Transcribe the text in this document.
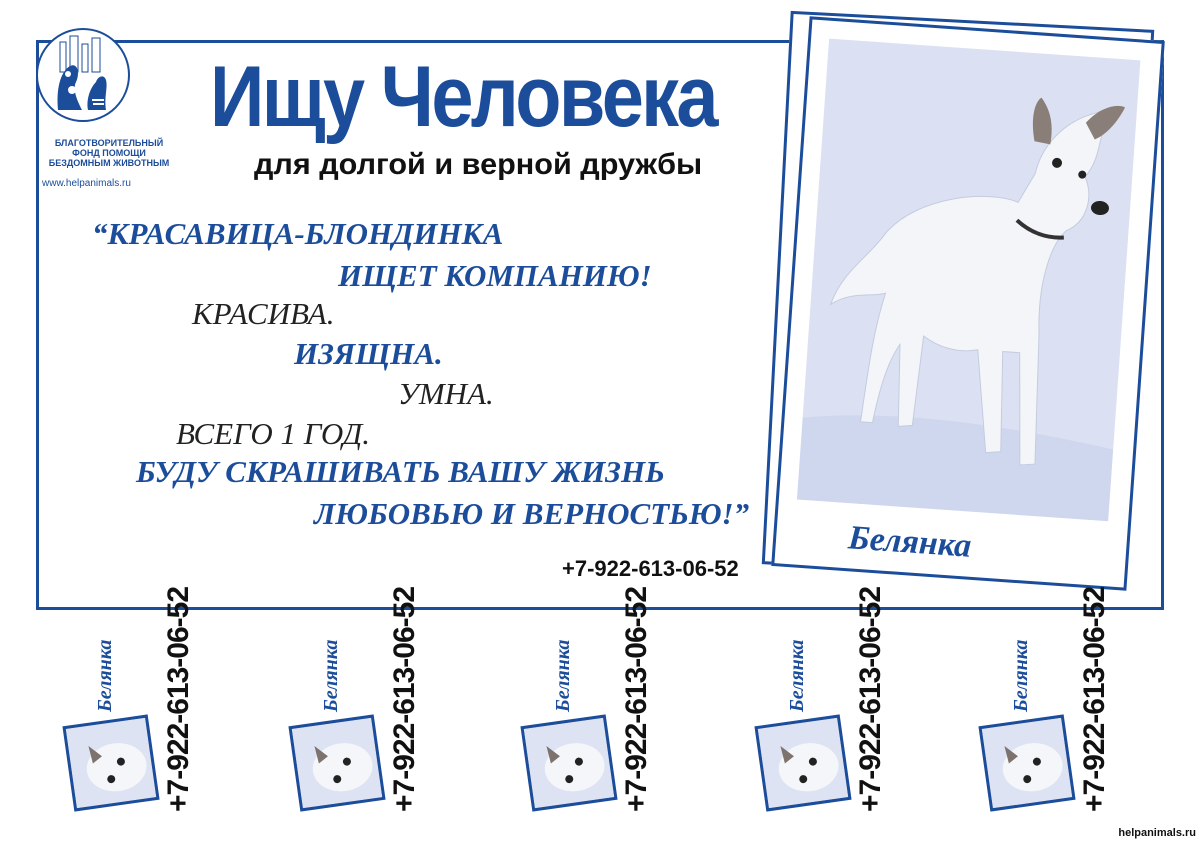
БЛАГОТВОРИТЕЛЬНЫЙ
ФОНД ПОМОЩИ
БЕЗДОМНЫМ ЖИВОТНЫМ
www.helpanimals.ru
Ищу Человека
для долгой и верной дружбы
“КРАСАВИЦА-БЛОНДИНКА
ИЩЕТ КОМПАНИЮ!
КРАСИВА.
ИЗЯЩНА.
УМНА.
ВСЕГО 1 ГОД.
БУДУ СКРАШИВАТЬ ВАШУ ЖИЗНЬ
ЛЮБОВЬЮ И ВЕРНОСТЬЮ!”
+7-922-613-06-52
Белянка
Белянка +7-922-613-06-52	Белянка +7-922-613-06-52	Белянка +7-922-613-06-52	Белянка +7-922-613-06-52	Белянка +7-922-613-06-52
helpanimals.ru
